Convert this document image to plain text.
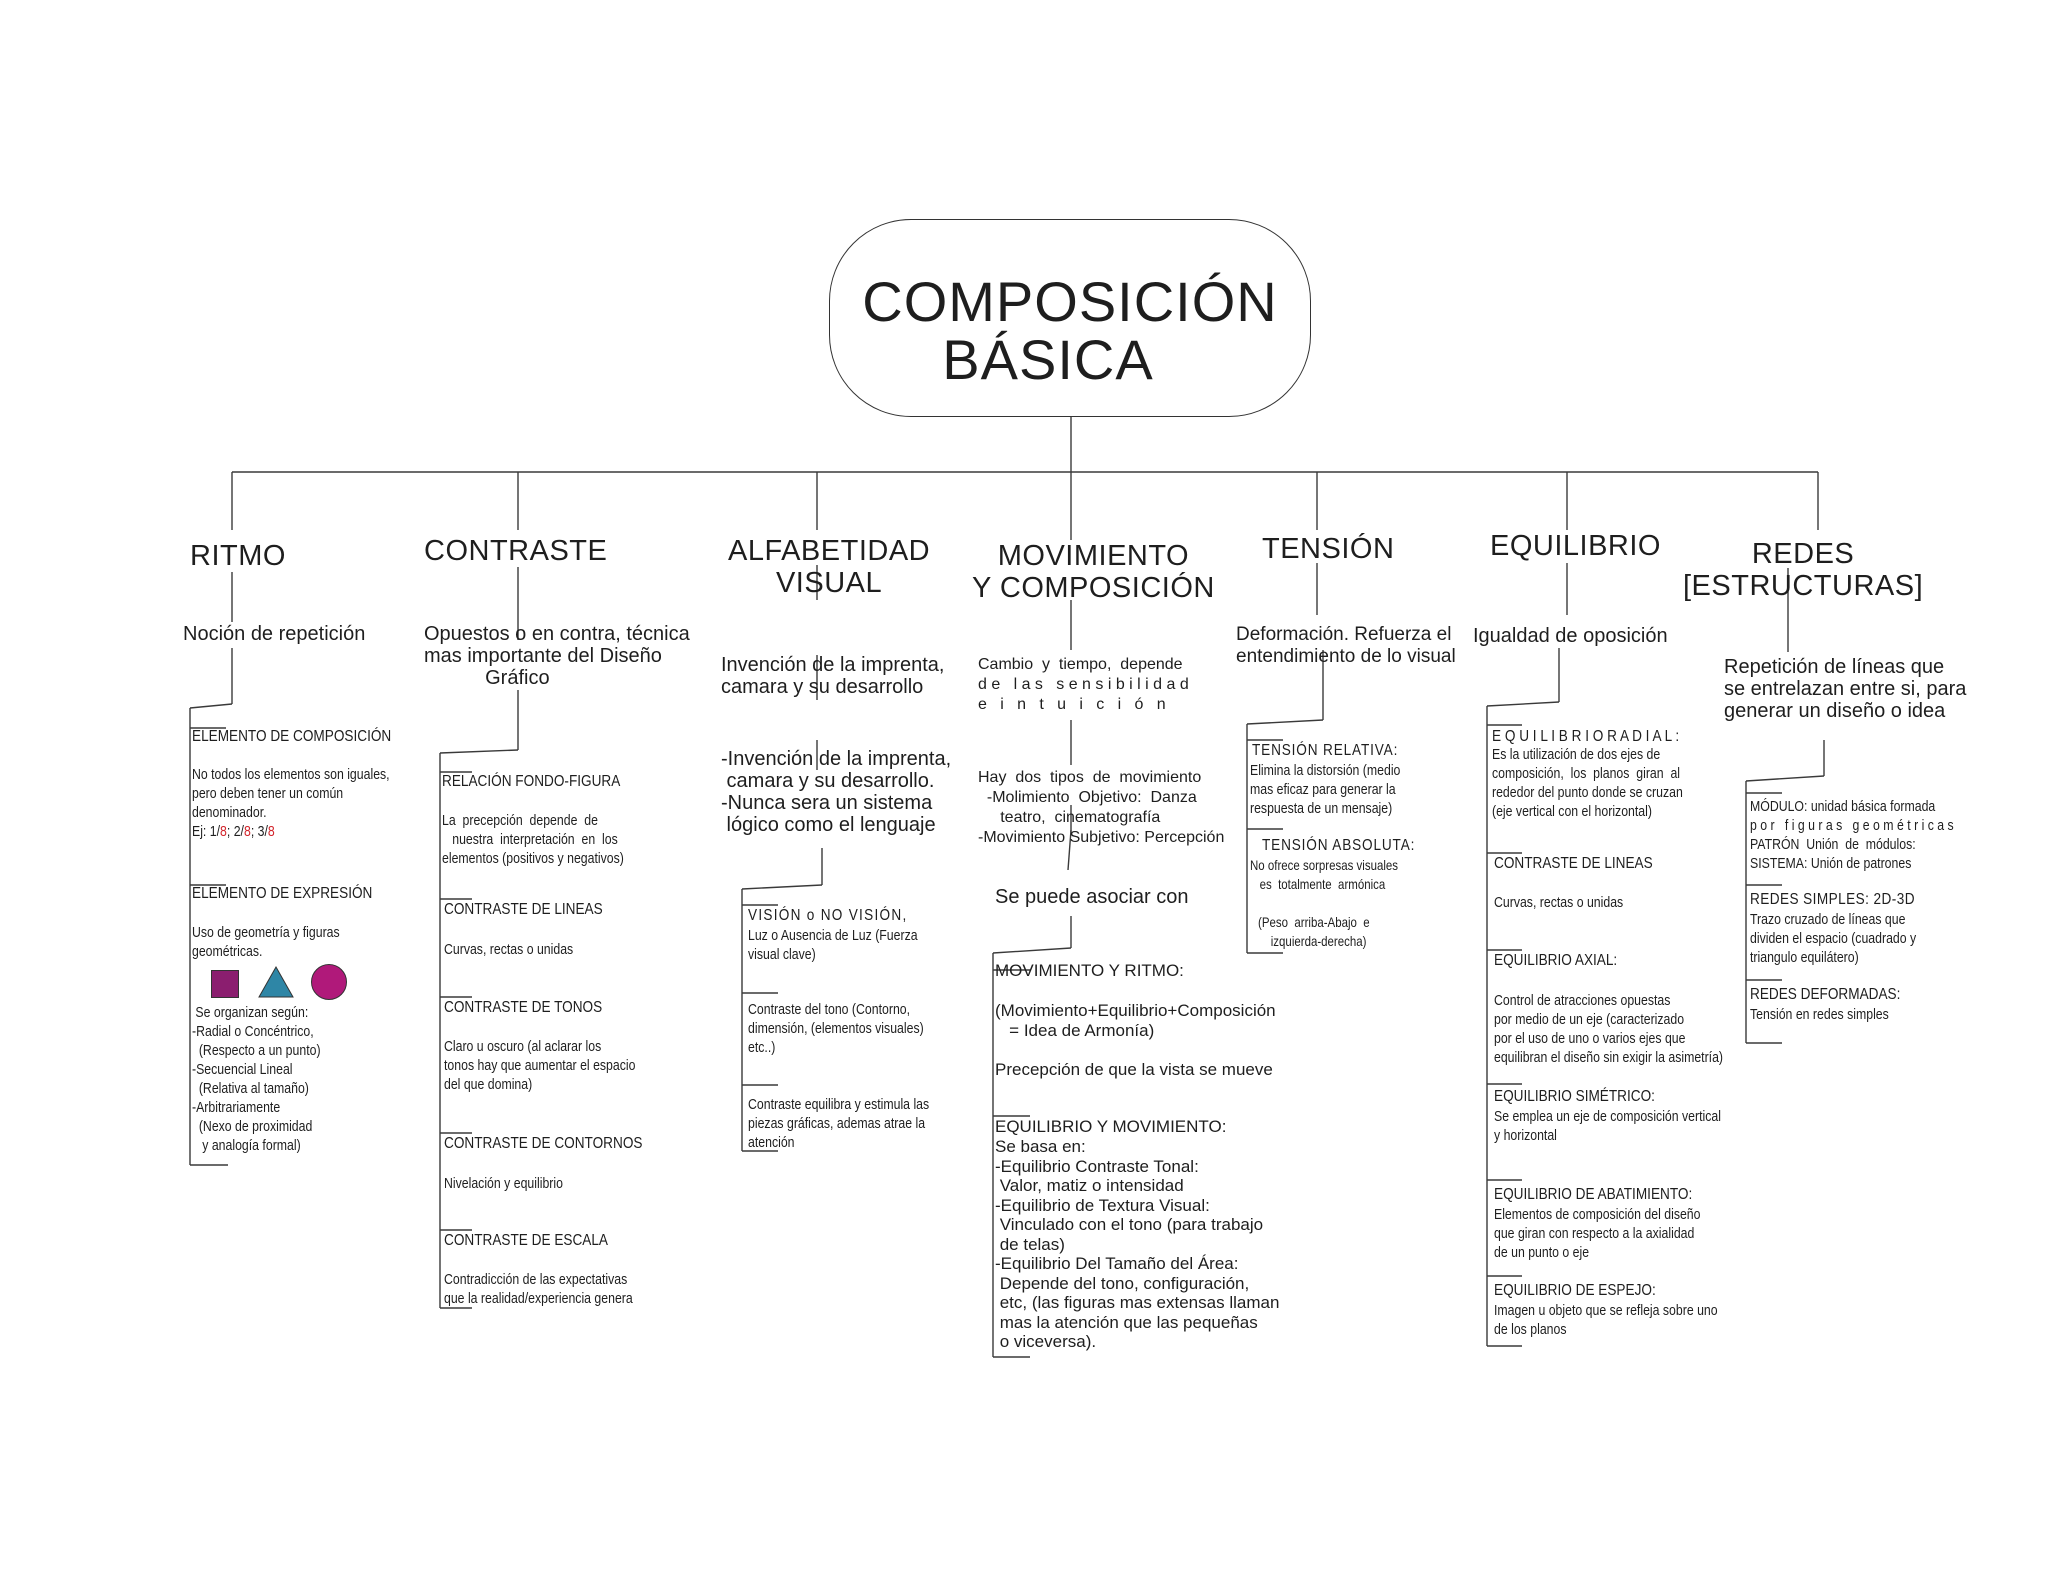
COMPOSICIÓN
BÁSICA
RITMO	CONTRASTE	ALFABETIDAD
VISUAL
MOVIMIENTO
Y COMPOSICIÓN
TENSIÓN	EQUILIBRIO	REDES
[ESTRUCTURAS]
Noción de repetición
ELEMENTO DE COMPOSICIÓN
No todos los elementos son iguales,
pero deben tener un común
denominador.
Ej: 1/8; 2/8; 3/8
ELEMENTO DE EXPRESIÓN
Uso de geometría y figuras
geométricas.
Se organizan según:
-Radial o Concéntrico,
(Respecto a un punto)
-Secuencial Lineal
(Relativa al tamaño)
-Arbitrariamente
(Nexo de proximidad
y analogía formal)
Opuestos o en contra, técnica
mas importante del Diseño
Gráfico
RELACIÓN FONDO-FIGURA
La  precepción  depende  de
nuestra  interpretación  en  los
elementos (positivos y negativos)
CONTRASTE DE LINEAS
Curvas, rectas o unidas
CONTRASTE DE TONOS
Claro u oscuro (al aclarar los
tonos hay que aumentar el espacio
del que domina)
CONTRASTE DE CONTORNOS
Nivelación y equilibrio
CONTRASTE DE ESCALA
Contradicción de las expectativas
que la realidad/experiencia genera
Invención de la imprenta,
camara y su desarrollo
-Invención de la imprenta,
camara y su desarrollo.
-Nunca sera un sistema
lógico como el lenguaje
VISIÓN o NO VISIÓN,
Luz o Ausencia de Luz (Fuerza
visual clave)
Contraste del tono (Contorno,
dimensión, (elementos visuales)
etc..)
Contraste equilibra y estimula las
piezas gráficas, ademas atrae la
atención
Cambio  y  tiempo,  depende
d e   l a s   s e n s i b i l i d a d
e   i   n   t   u   i   c   i   ó   n
Hay  dos  tipos  de  movimiento
-Molimiento  Objetivo:  Danza
teatro,  cinematografía
-Movimiento Subjetivo: Percepción
Se puede asociar con
MOVIMIENTO Y RITMO:
(Movimiento+Equilibrio+Composición
= Idea de Armonía)
Precepción de que la vista se mueve
EQUILIBRIO Y MOVIMIENTO:
Se basa en:
-Equilibrio Contraste Tonal:
Valor, matiz o intensidad
-Equilibrio de Textura Visual:
Vinculado con el tono (para trabajo
de telas)
-Equilibrio Del Tamaño del Área:
Depende del tono, configuración,
etc, (las figuras mas extensas llaman
mas la atención que las pequeñas
o viceversa).
Deformación. Refuerza el
entendimiento de lo visual
TENSIÓN RELATIVA:
Elimina la distorsión (medio
mas eficaz para generar la
respuesta de un mensaje)
TENSIÓN ABSOLUTA:
No ofrece sorpresas visuales
es  totalmente  armónica
(Peso  arriba-Abajo  e
izquierda-derecha)
Igualdad de oposición
E Q U I L I B R I O R A D I A L :
Es la utilización de dos ejes de
composición,  los  planos  giran  al
rededor del punto donde se cruzan
(eje vertical con el horizontal)
CONTRASTE DE LINEAS
Curvas, rectas o unidas
EQUILIBRIO AXIAL:
Control de atracciones opuestas
por medio de un eje (caracterizado
por el uso de uno o varios ejes que
equilibran el diseño sin exigir la asimetría)
EQUILIBRIO SIMÉTRICO:
Se emplea un eje de composición vertical
y horizontal
EQUILIBRIO DE ABATIMIENTO:
Elementos de composición del diseño
que giran con respecto a la axialidad
de un punto o eje
EQUILIBRIO DE ESPEJO:
Imagen u objeto que se refleja sobre uno
de los planos
Repetición de líneas que
se entrelazan entre si, para
generar un diseño o idea
MÓDULO: unidad básica formada
p o r   f i g u r a s   g e o m é t r i c a s
PATRÓN  Unión  de  módulos:
SISTEMA: Unión de patrones
REDES SIMPLES: 2D-3D
Trazo cruzado de líneas que
dividen el espacio (cuadrado y
triangulo equilátero)
REDES DEFORMADAS:
Tensión en redes simples
